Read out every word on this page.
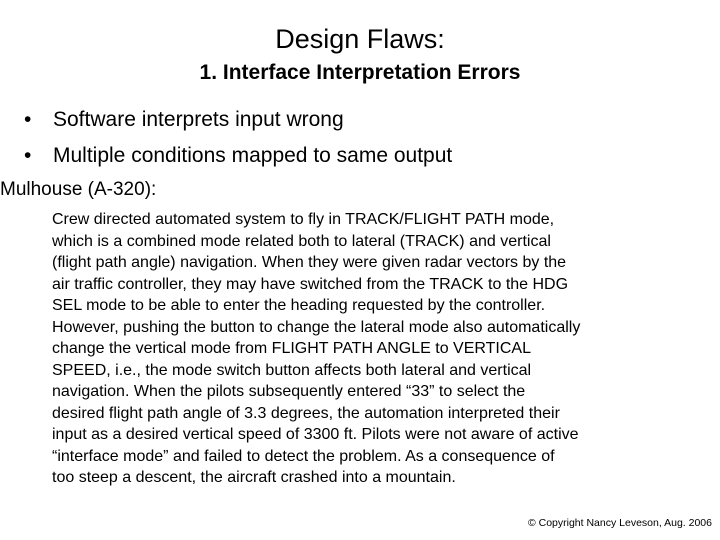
Design Flaws:
1. Interface Interpretation Errors
•	Software interprets input wrong
•	Multiple conditions mapped to same output
Mulhouse (A-320):

Crew directed automated system to fly in TRACK/FLIGHT PATH mode,
which is a combined mode related both to lateral (TRACK) and vertical
(flight path angle) navigation. When they were given radar vectors by the
air traffic controller, they may have switched from the TRACK to the HDG
SEL mode to be able to enter the heading requested by the controller.
However, pushing the button to change the lateral mode also automatically
change the vertical mode from FLIGHT PATH ANGLE to VERTICAL
SPEED, i.e., the mode switch button affects both lateral and vertical
navigation. When the pilots subsequently entered “33” to select the
desired flight path angle of 3.3 degrees, the automation interpreted their
input as a desired vertical speed of 3300 ft. Pilots were not aware of active
“interface mode” and failed to detect the problem. As a consequence of
too steep a descent, the aircraft crashed into a mountain.

© Copyright Nancy Leveson, Aug. 2006
